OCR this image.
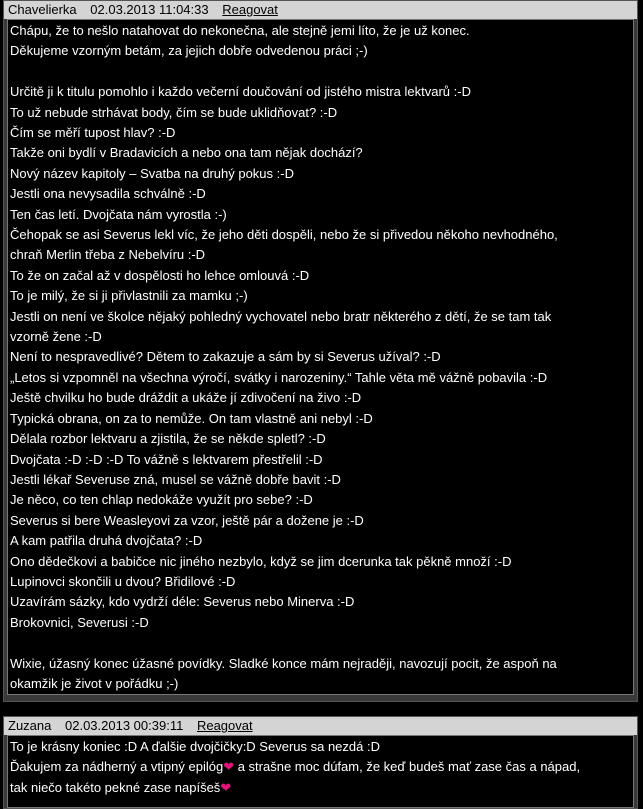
Chavelierka 02.03.2013 11:04:33 Reagovat
Chápu, že to nešlo natahovat do nekonečna, ale stejně jemi líto, že je už konec.
Děkujeme vzorným betám, za jejich dobře odvedenou práci ;-)
Určitě ji k titulu pomohlo i každo večerní doučování od jistého mistra lektvarů :-D
To už nebude strhávat body, čím se bude uklidňovat? :-D
Čím se měří tupost hlav? :-D
Takže oni bydlí v Bradavicích a nebo ona tam nějak dochází?
Nový název kapitoly – Svatba na druhý pokus :-D
Jestli ona nevysadila schválně :-D
Ten čas letí. Dvojčata nám vyrostla :-)
Čehopak se asi Severus lekl víc, že jeho děti dospěli, nebo že si přivedou někoho nevhodného,
chraň Merlin třeba z Nebelvíru :-D
To že on začal až v dospělosti ho lehce omlouvá :-D
To je milý, že si ji přivlastnili za mamku ;-)
Jestli on není ve školce nějaký pohledný vychovatel nebo bratr některého z dětí, že se tam tak
vzorně žene :-D
Není to nespravedlivé? Dětem to zakazuje a sám by si Severus užíval? :-D
„Letos si vzpomněl na všechna výročí, svátky i narozeniny.“ Tahle věta mě vážně pobavila :-D
Ještě chvilku ho bude dráždit a ukáže jí zdivočení na živo :-D
Typická obrana, on za to nemůže. On tam vlastně ani nebyl :-D
Dělala rozbor lektvaru a zjistila, že se někde spletl? :-D
Dvojčata :-D :-D :-D To vážně s lektvarem přestřelil :-D
Jestli lékař Severuse zná, musel se vážně dobře bavit :-D
Je něco, co ten chlap nedokáže využít pro sebe? :-D
Severus si bere Weasleyovi za vzor, ještě pár a dožene je :-D
A kam patřila druhá dvojčata? :-D
Ono dědečkovi a babičce nic jiného nezbylo, když se jim dcerunka tak pěkně množí :-D
Lupinovci skončili u dvou? Břidilové :-D
Uzavírám sázky, kdo vydrží déle: Severus nebo Minerva :-D
Brokovnici, Severusi :-D
Wixie, úžasný konec úžasné povídky. Sladké konce mám nejraději, navozují pocit, že aspoň na
okamžik je život v pořádku ;-)
Zuzana 02.03.2013 00:39:11 Reagovat
To je krásny koniec :D A ďalšie dvojčičky:D Severus sa nezdá :D
Ďakujem za nádherný a vtipný epilóg❤ a strašne moc dúfam, že keď budeš mať zase čas a nápad,
tak niečo takéto pekné zase napíšeš❤
